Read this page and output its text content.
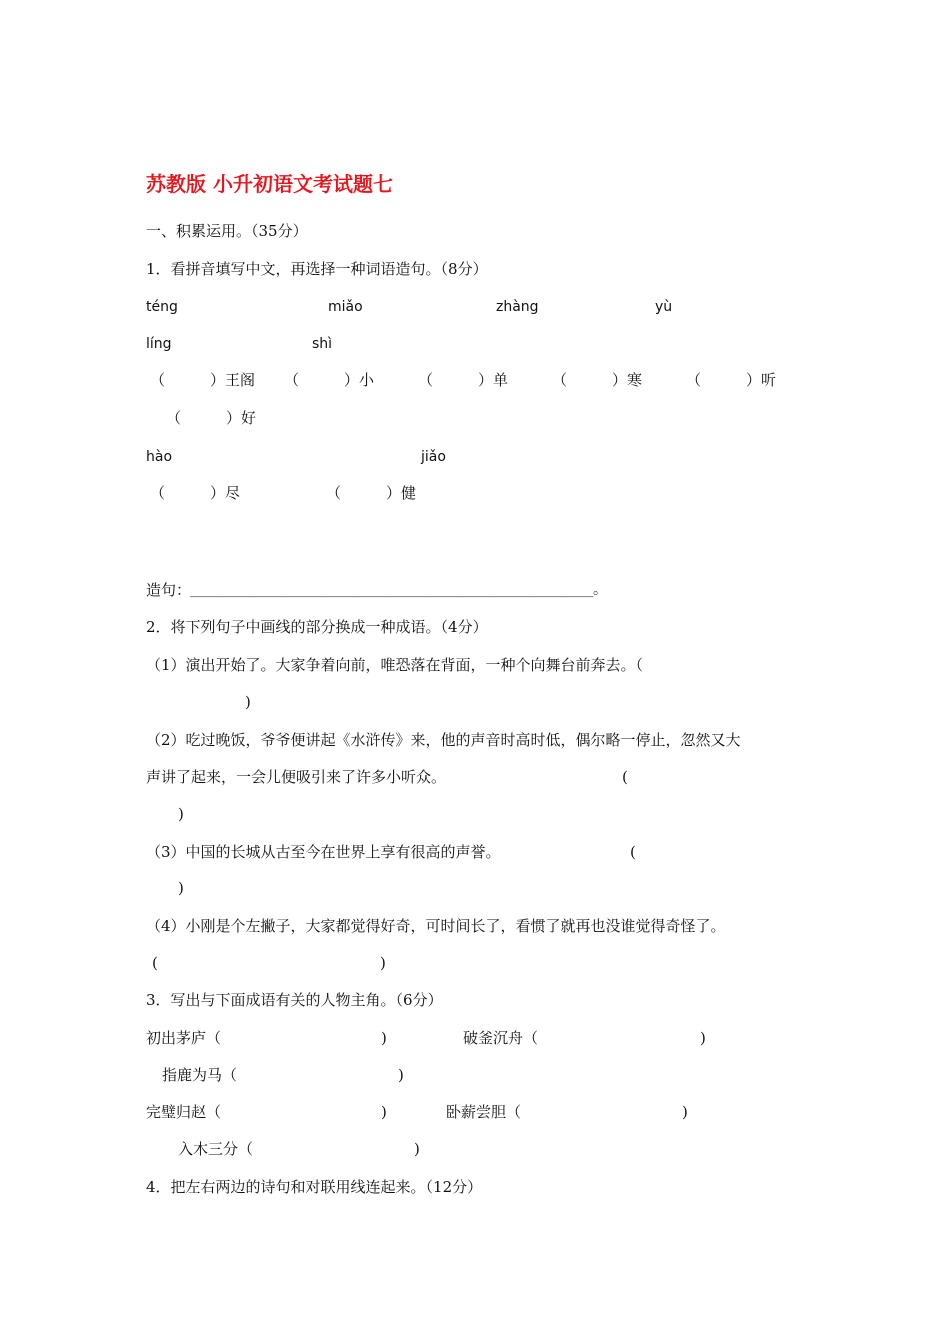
苏教版 小升初语文考试题七
一、积累运用。（35分）
1．看拼音填写中文，再选择一种词语造句。（8分）
téng	miǎo	zhàng	yù
líng	shì
（　　　）王阁 （　　　）小	（　　　）单	（　　　）寒	（　　　）听
（　　　）好
hào	jiǎo
（　　　）尽	（　　　）健
造句：
______________________________________________________________。
2．将下列句子中画线的部分换成一种成语。（4分）
（1）演出开始了。大家争着向前，唯恐落在背面，一种个向舞台前奔去。（
)
（2）吃过晚饭，爷爷便讲起《水浒传》来，他的声音时高时低，偶尔略一停止，忽然又大
声讲了起来，一会儿便吸引来了许多小听众。	(
)
（3）中国的长城从古至今在世界上享有很高的声誉。	(
)
（4）小刚是个左撇子，大家都觉得好奇，可时间长了，看惯了就再也没谁觉得奇怪了。
(	)
3．写出与下面成语有关的人物主角。（6分）
初出茅庐（	)	破釜沉舟（	)
指鹿为马（	)
完璧归赵（	)	卧薪尝胆（	)
入木三分（	)
4．把左右两边的诗句和对联用线连起来。（12分）
